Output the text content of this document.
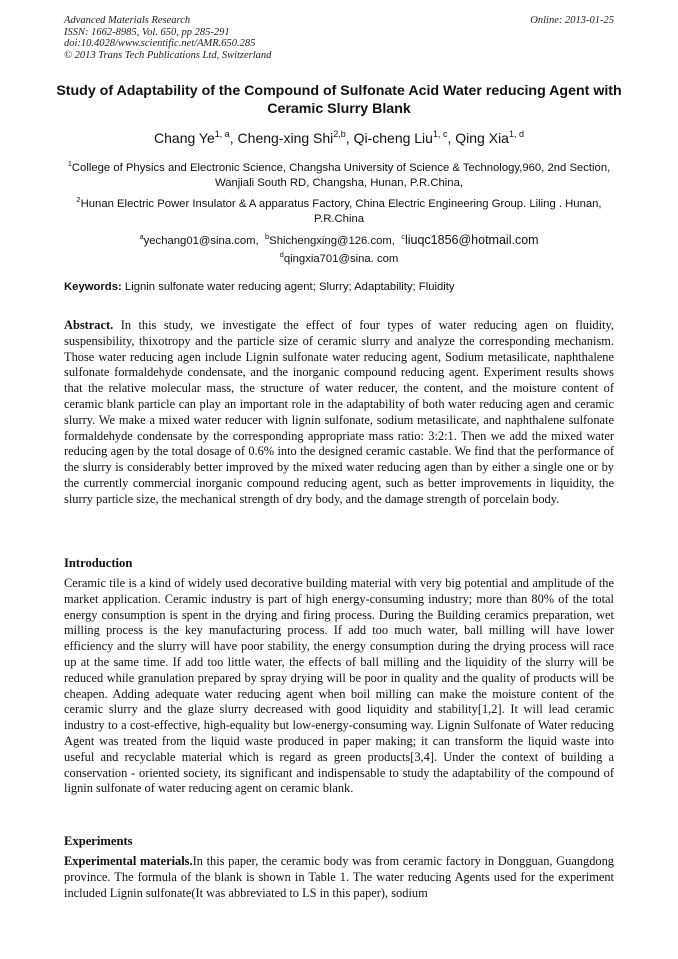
Advanced Materials Research
ISSN: 1662-8985, Vol. 650, pp 285-291
doi:10.4028/www.scientific.net/AMR.650.285
© 2013 Trans Tech Publications Ltd, Switzerland
Online: 2013-01-25
Study of Adaptability of the Compound of Sulfonate Acid Water reducing Agent with Ceramic Slurry Blank
Chang Ye$^{1, a}$, Cheng-xing Shi$^{2,b}$, Qi-cheng Liu$^{1, c}$, Qing Xia$^{1, d}$
$^1$College of Physics and Electronic Science, Changsha University of Science & Technology,960, 2nd Section, Wanjiali South RD, Changsha, Hunan, P.R.China,
$^2$Hunan Electric Power Insulator & A apparatus Factory, China Electric Engineering Group. Liling . Hunan, P.R.China
$^a$yechang01@sina.com, $^b$Shichengxing@126.com, $^c$liuqc1856@hotmail.com
$^d$qingxia701@sina. com
Keywords: Lignin sulfonate water reducing agent; Slurry; Adaptability; Fluidity
Abstract. In this study, we investigate the effect of four types of water reducing agen on fluidity, suspensibility, thixotropy and the particle size of ceramic slurry and analyze the corresponding mechanism. Those water reducing agen include Lignin sulfonate water reducing agent, Sodium metasilicate, naphthalene sulfonate formaldehyde condensate, and the inorganic compound reducing agent. Experiment results shows that the relative molecular mass, the structure of water reducer, the content, and the moisture content of ceramic blank particle can play an important role in the adaptability of both water reducing agen and ceramic slurry. We make a mixed water reducer with lignin sulfonate, sodium metasilicate, and naphthalene sulfonate formaldehyde condensate by the corresponding appropriate mass ratio: 3:2:1. Then we add the mixed water reducing agen by the total dosage of 0.6% into the designed ceramic castable. We find that the performance of the slurry is considerably better improved by the mixed water reducing agen than by either a single one or by the currently commercial inorganic compound reducing agent, such as better improvements in liquidity, the slurry particle size, the mechanical strength of dry body, and the damage strength of porcelain body.
Introduction
Ceramic tile is a kind of widely used decorative building material with very big potential and amplitude of the market application. Ceramic industry is part of high energy-consuming industry; more than 80% of the total energy consumption is spent in the drying and firing process. During the Building ceramics preparation, wet milling process is the key manufacturing process. If add too much water, ball milling will have lower efficiency and the slurry will have poor stability, the energy consumption during the drying process will race up at the same time. If add too little water, the effects of ball milling and the liquidity of the slurry will be reduced while granulation prepared by spray drying will be poor in quality and the quality of products will be cheapen. Adding adequate water reducing agent when boil milling can make the moisture content of the ceramic slurry and the glaze slurry decreased with good liquidity and stability[1,2]. It will lead ceramic industry to a cost-effective, high-equality but low-energy-consuming way. Lignin Sulfonate of Water reducing Agent was treated from the liquid waste produced in paper making; it can transform the liquid waste into useful and recyclable material which is regard as green products[3,4]. Under the context of building a conservation - oriented society, its significant and indispensable to study the adaptability of the compound of lignin sulfonate of water reducing agent on ceramic blank.
Experiments
Experimental materials.In this paper, the ceramic body was from ceramic factory in Dongguan, Guangdong province. The formula of the blank is shown in Table 1. The water reducing Agents used for the experiment included Lignin sulfonate(It was abbreviated to LS in this paper), sodium
